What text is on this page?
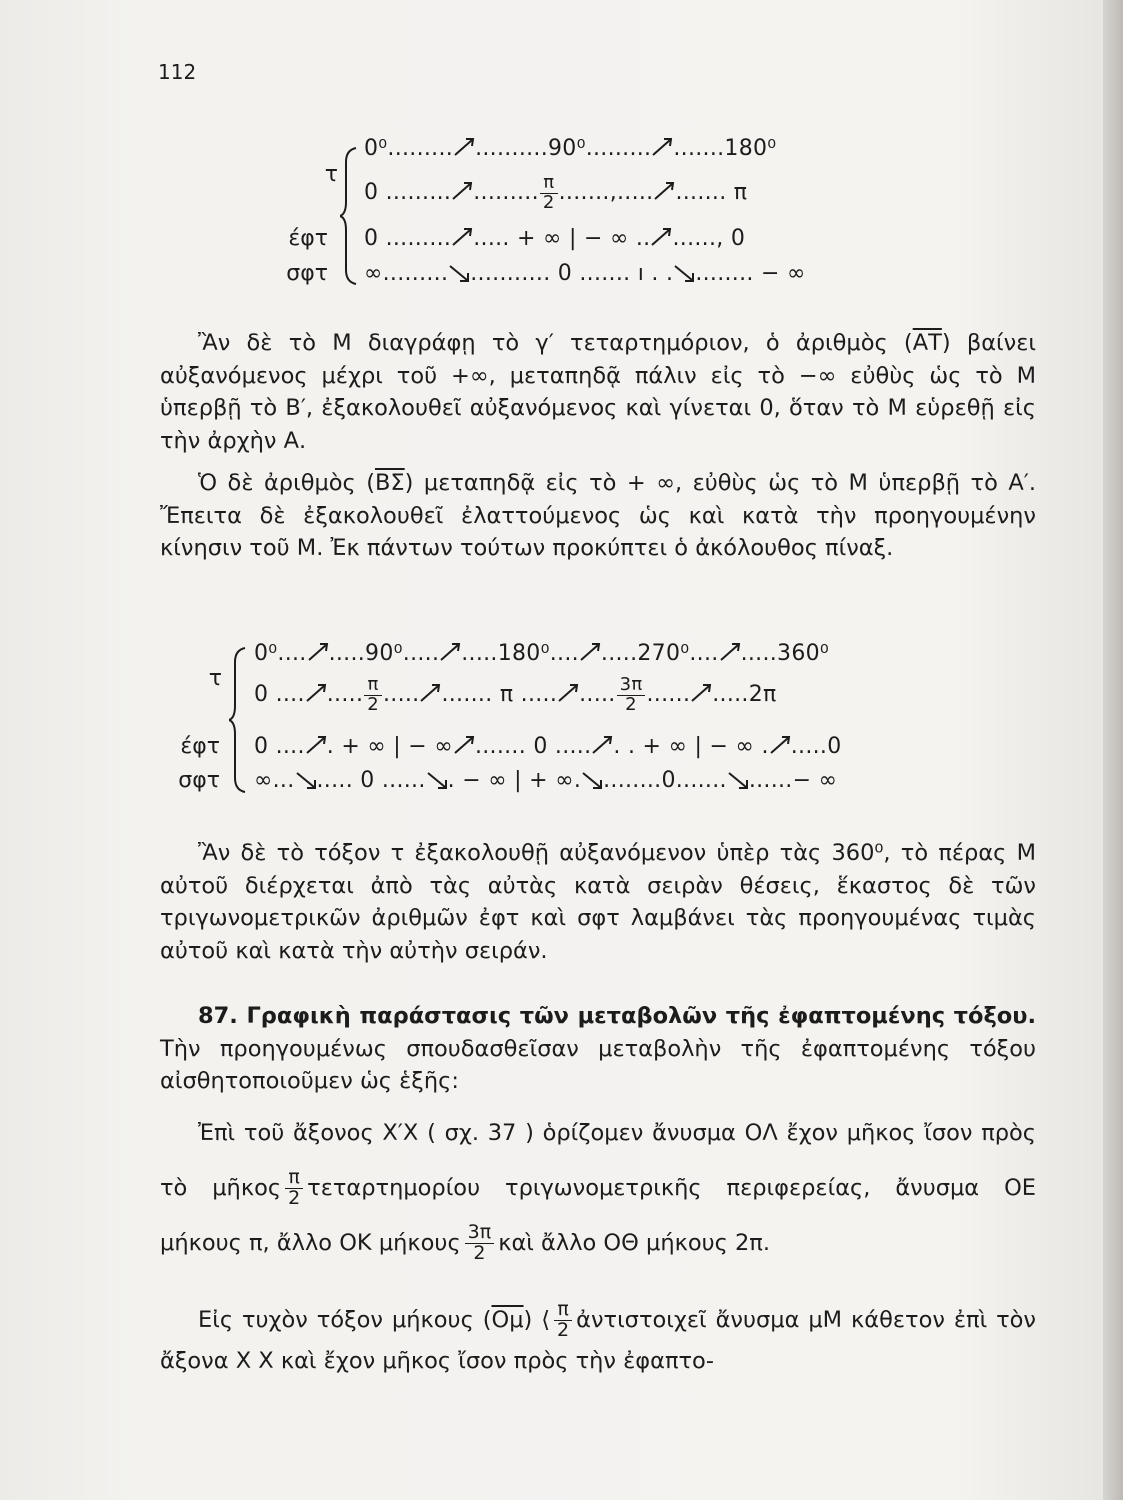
112
τ
έφτ
σφτ
0⁰......... ..........90⁰......... .......180⁰
0 ......... ......... $\frac{\pi}{2}$ .......,..... ....... π
0 ......... ..... + ∞ | − ∞ ........, 0
∞......... ........... 0 ....... ı . . ........ − ∞
Ἂν δὲ τὸ Μ διαγράφῃ τὸ γ′ τεταρτημόριον, ὁ ἀριθμὸς $(\overline{AT})$ βαίνει αὐξανόμενος μέχρι τοῦ +∞, μεταπηδᾷ πάλιν εἰς τὸ −∞ εὐθὺς ὡς τὸ Μ ὑπερβῇ τὸ Β′, ἐξακολουθεῖ αὐξανόμενος καὶ γίνεται 0, ὅταν τὸ Μ εὑρεθῇ εἰς τὴν ἀρχὴν Α.
Ὁ δὲ ἀριθμὸς $(\overline{B\Sigma})$ μεταπηδᾷ εἰς τὸ + ∞, εὐθὺς ὡς τὸ Μ ὑπερβῇ τὸ Α′. Ἔπειτα δὲ ἐξακολουθεῖ ἐλαττούμενος ὡς καὶ κατὰ τὴν προηγουμένην κίνησιν τοῦ Μ. Ἐκ πάντων τούτων προκύπτει ὁ ἀκόλουθος πίναξ.
τ
έφτ
σφτ
0⁰.... .....90⁰..... .....180⁰.... .....270⁰.... .....360⁰
0 .... ..... $\frac{\pi}{2}$ ..... ....... π ..... ..... $\frac{3\pi}{2}$ ...... .....2π
0 .... . + ∞ | − ∞ ....... 0 ..... . . + ∞ | − ∞ . .....0
∞... ..... 0 ...... . − ∞ | + ∞. ........0....... ......− ∞
Ἂν δὲ τὸ τόξον τ ἐξακολουθῇ αὐξανόμενον ὑπὲρ τὰς 360⁰, τὸ πέρας Μ αὐτοῦ διέρχεται ἀπὸ τὰς αὐτὰς κατὰ σειρὰν θέσεις, ἕκαστος δὲ τῶν τριγωνομετρικῶν ἀριθμῶν ἐφτ καὶ σφτ λαμβάνει τὰς προηγουμένας τιμὰς αὐτοῦ καὶ κατὰ τὴν αὐτὴν σειράν.
87. Γραφικὴ παράστασις τῶν μεταβολῶν τῆς ἐφαπτομένης τόξου. Τὴν προηγουμένως σπουδασθεῖσαν μεταβολὴν τῆς ἐφαπτομένης τόξου αἰσθητοποιοῦμεν ὡς ἑξῆς:
Ἐπὶ τοῦ ἄξονος Χ′Χ ( σχ. 37 ) ὁρίζομεν ἄνυσμα ΟΛ ἔχον μῆκος ἴσον πρὸς τὸ μῆκος $\frac{\pi}{2}$ τεταρτημορίου τριγωνομετρικῆς περιφερείας, ἄνυσμα ΟΕ μήκους π, ἄλλο ΟΚ μήκους $\frac{3\pi}{2}$ καὶ ἄλλο ΟΘ μήκους 2π.
Εἰς τυχὸν τόξον μήκους $(\overline{O\mu})$ ⟨ $\frac{\pi}{2}$ ἀντιστοιχεῖ ἄνυσμα μΜ κάθετον ἐπὶ τὸν ἄξονα Χ Χ καὶ ἔχον μῆκος ἴσον πρὸς τὴν ἐφαπτο-
